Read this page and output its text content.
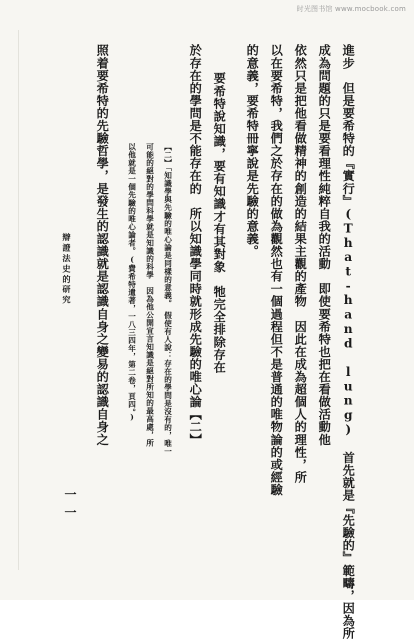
时光图书馆 www.mocbook.com
進步　但是要希特的『實行』(That-hand lung) 首先就是『先驗的』範疇，因為所
成為問題的只是要看理性純粹自我的活動　即使要希特也把在看做活動他
依然只是把他看做精神的創造的結果主觀的產物　因此在成為超個人的理性，所
以在要希特，我們之於存在的做為觀然也有一個過程但不是普通的唯物論的或經驗
的意義，要希特冊寧說是先驗的意義。
要希特說知識，要有知識才有其對象　牠完全排除存在
於存在的學問是不能存在的　所以知識學同時就形成先驗的唯心論【二】
【二】「知識學與先驗的唯心論是同樣的意義。　假使有人說：存在的學問是沒有的，唯一
可能的絕對的學問科學就是知識的科學　因為他公開宣言知識是絕對所知的最高處，所
以他就是一個先驗的唯心論者。(費希特遺著，一八三四年，第二卷，頁四。)
照着要希特的先驗哲學，是發生的認識就是認識自身之變易的認識自身之
辯證法史的研究
一一
